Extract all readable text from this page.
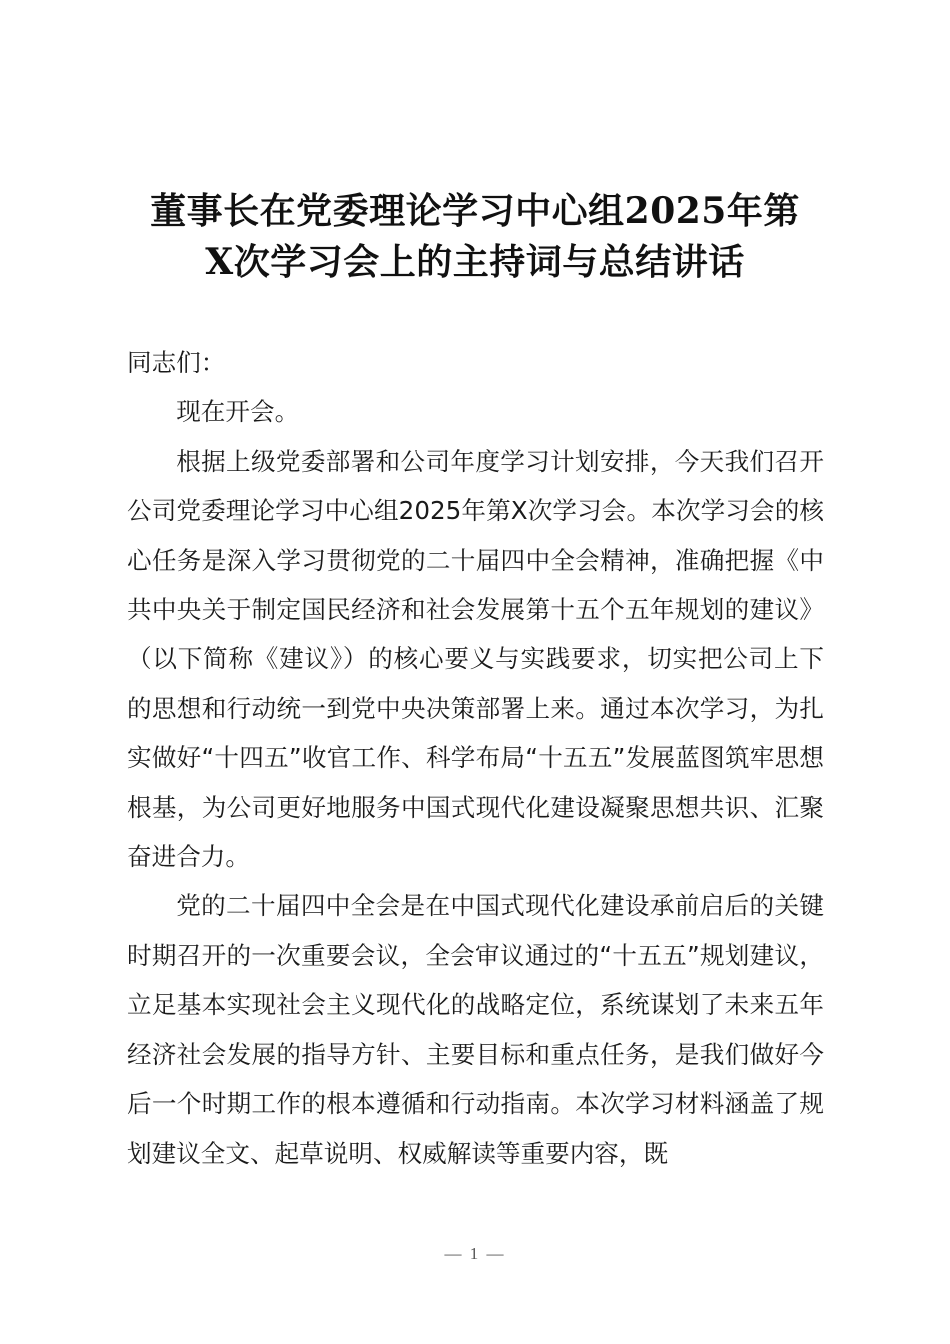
董事长在党委理论学习中心组2025年第
X次学习会上的主持词与总结讲话

同志们：

现在开会。

根据上级党委部署和公司年度学习计划安排，今天我们召开公司党委理论学习中心组2025年第X次学习会。本次学习会的核心任务是深入学习贯彻党的二十届四中全会精神，准确把握《中共中央关于制定国民经济和社会发展第十五个五年规划的建议》（以下简称《建议》）的核心要义与实践要求，切实把公司上下的思想和行动统一到党中央决策部署上来。通过本次学习，为扎实做好“十四五”收官工作、科学布局“十五五”发展蓝图筑牢思想根基，为公司更好地服务中国式现代化建设凝聚思想共识、汇聚奋进合力。

党的二十届四中全会是在中国式现代化建设承前启后的关键时期召开的一次重要会议，全会审议通过的“十五五”规划建议，立足基本实现社会主义现代化的战略定位，系统谋划了未来五年经济社会发展的指导方针、主要目标和重点任务，是我们做好今后一个时期工作的根本遵循和行动指南。本次学习材料涵盖了规划建议全文、起草说明、权威解读等重要内容，既

— 1 —
